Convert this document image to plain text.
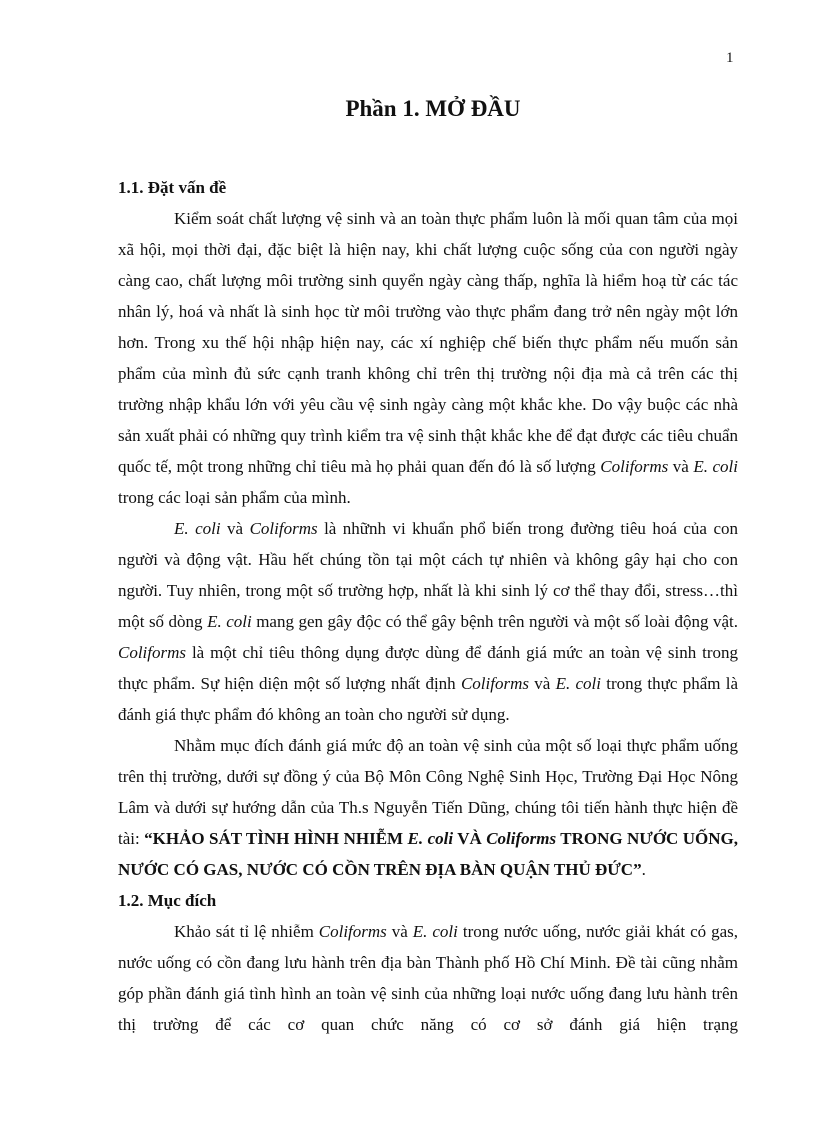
1
Phần 1. MỞ ĐẦU

1.1. Đặt vấn đề

Kiểm soát chất lượng vệ sinh và an toàn thực phẩm luôn là mối quan tâm của mọi xã hội, mọi thời đại, đặc biệt là hiện nay, khi chất lượng cuộc sống của con người ngày càng cao, chất lượng môi trường sinh quyển ngày càng thấp, nghĩa là hiểm hoạ từ các tác nhân lý, hoá và nhất là sinh học từ môi trường vào thực phẩm đang trở nên ngày một lớn hơn. Trong xu thế hội nhập hiện nay, các xí nghiệp chế biến thực phẩm nếu muốn sản phẩm của mình đủ sức cạnh tranh không chỉ trên thị trường nội địa mà cả trên các thị trường nhập khẩu lớn với yêu cầu vệ sinh ngày càng một khắc khe. Do vậy buộc các nhà sản xuất phải có những quy trình kiểm tra vệ sinh thật khắc khe để đạt được các tiêu chuẩn quốc tế, một trong những chỉ tiêu mà họ phải quan đến đó là số lượng Coliforms và E. coli trong các loại sản phẩm của mình.

E. coli và Coliforms là nhữnh vi khuẩn phổ biến trong đường tiêu hoá của con người và động vật. Hầu hết chúng tồn tại một cách tự nhiên và không gây hại cho con người. Tuy nhiên, trong một số trường hợp, nhất là khi sinh lý cơ thể thay đổi, stress…thì một số dòng E. coli mang gen gây độc có thể gây bệnh trên người và một số loài động vật. Coliforms là một chỉ tiêu thông dụng được dùng để đánh giá mức an toàn vệ sinh trong thực phẩm. Sự hiện diện một số lượng nhất định Coliforms và E. coli trong thực phẩm là đánh giá thực phẩm đó không an toàn cho người sử dụng.

Nhằm mục đích đánh giá mức độ an toàn vệ sinh của một số loại thực phẩm uống trên thị trường, dưới sự đồng ý của Bộ Môn Công Nghệ Sinh Học, Trường Đại Học Nông Lâm và dưới sự hướng dẫn của Th.s Nguyễn Tiến Dũng, chúng tôi tiến hành thực hiện đề tài: “KHẢO SÁT TÌNH HÌNH NHIỄM E. coli VÀ Coliforms TRONG NƯỚC UỐNG, NƯỚC CÓ GAS, NƯỚC CÓ CỒN TRÊN ĐỊA BÀN QUẬN THỦ ĐỨC”.

1.2. Mục đích

Khảo sát tỉ lệ nhiễm Coliforms và E. coli trong nước uống, nước giải khát có gas, nước uống có cồn đang lưu hành trên địa bàn Thành phố Hồ Chí Minh. Đề tài cũng nhằm góp phần đánh giá tình hình an toàn vệ sinh của những loại nước uống đang lưu hành trên thị trường để các cơ quan chức năng có cơ sở đánh giá hiện trạng
